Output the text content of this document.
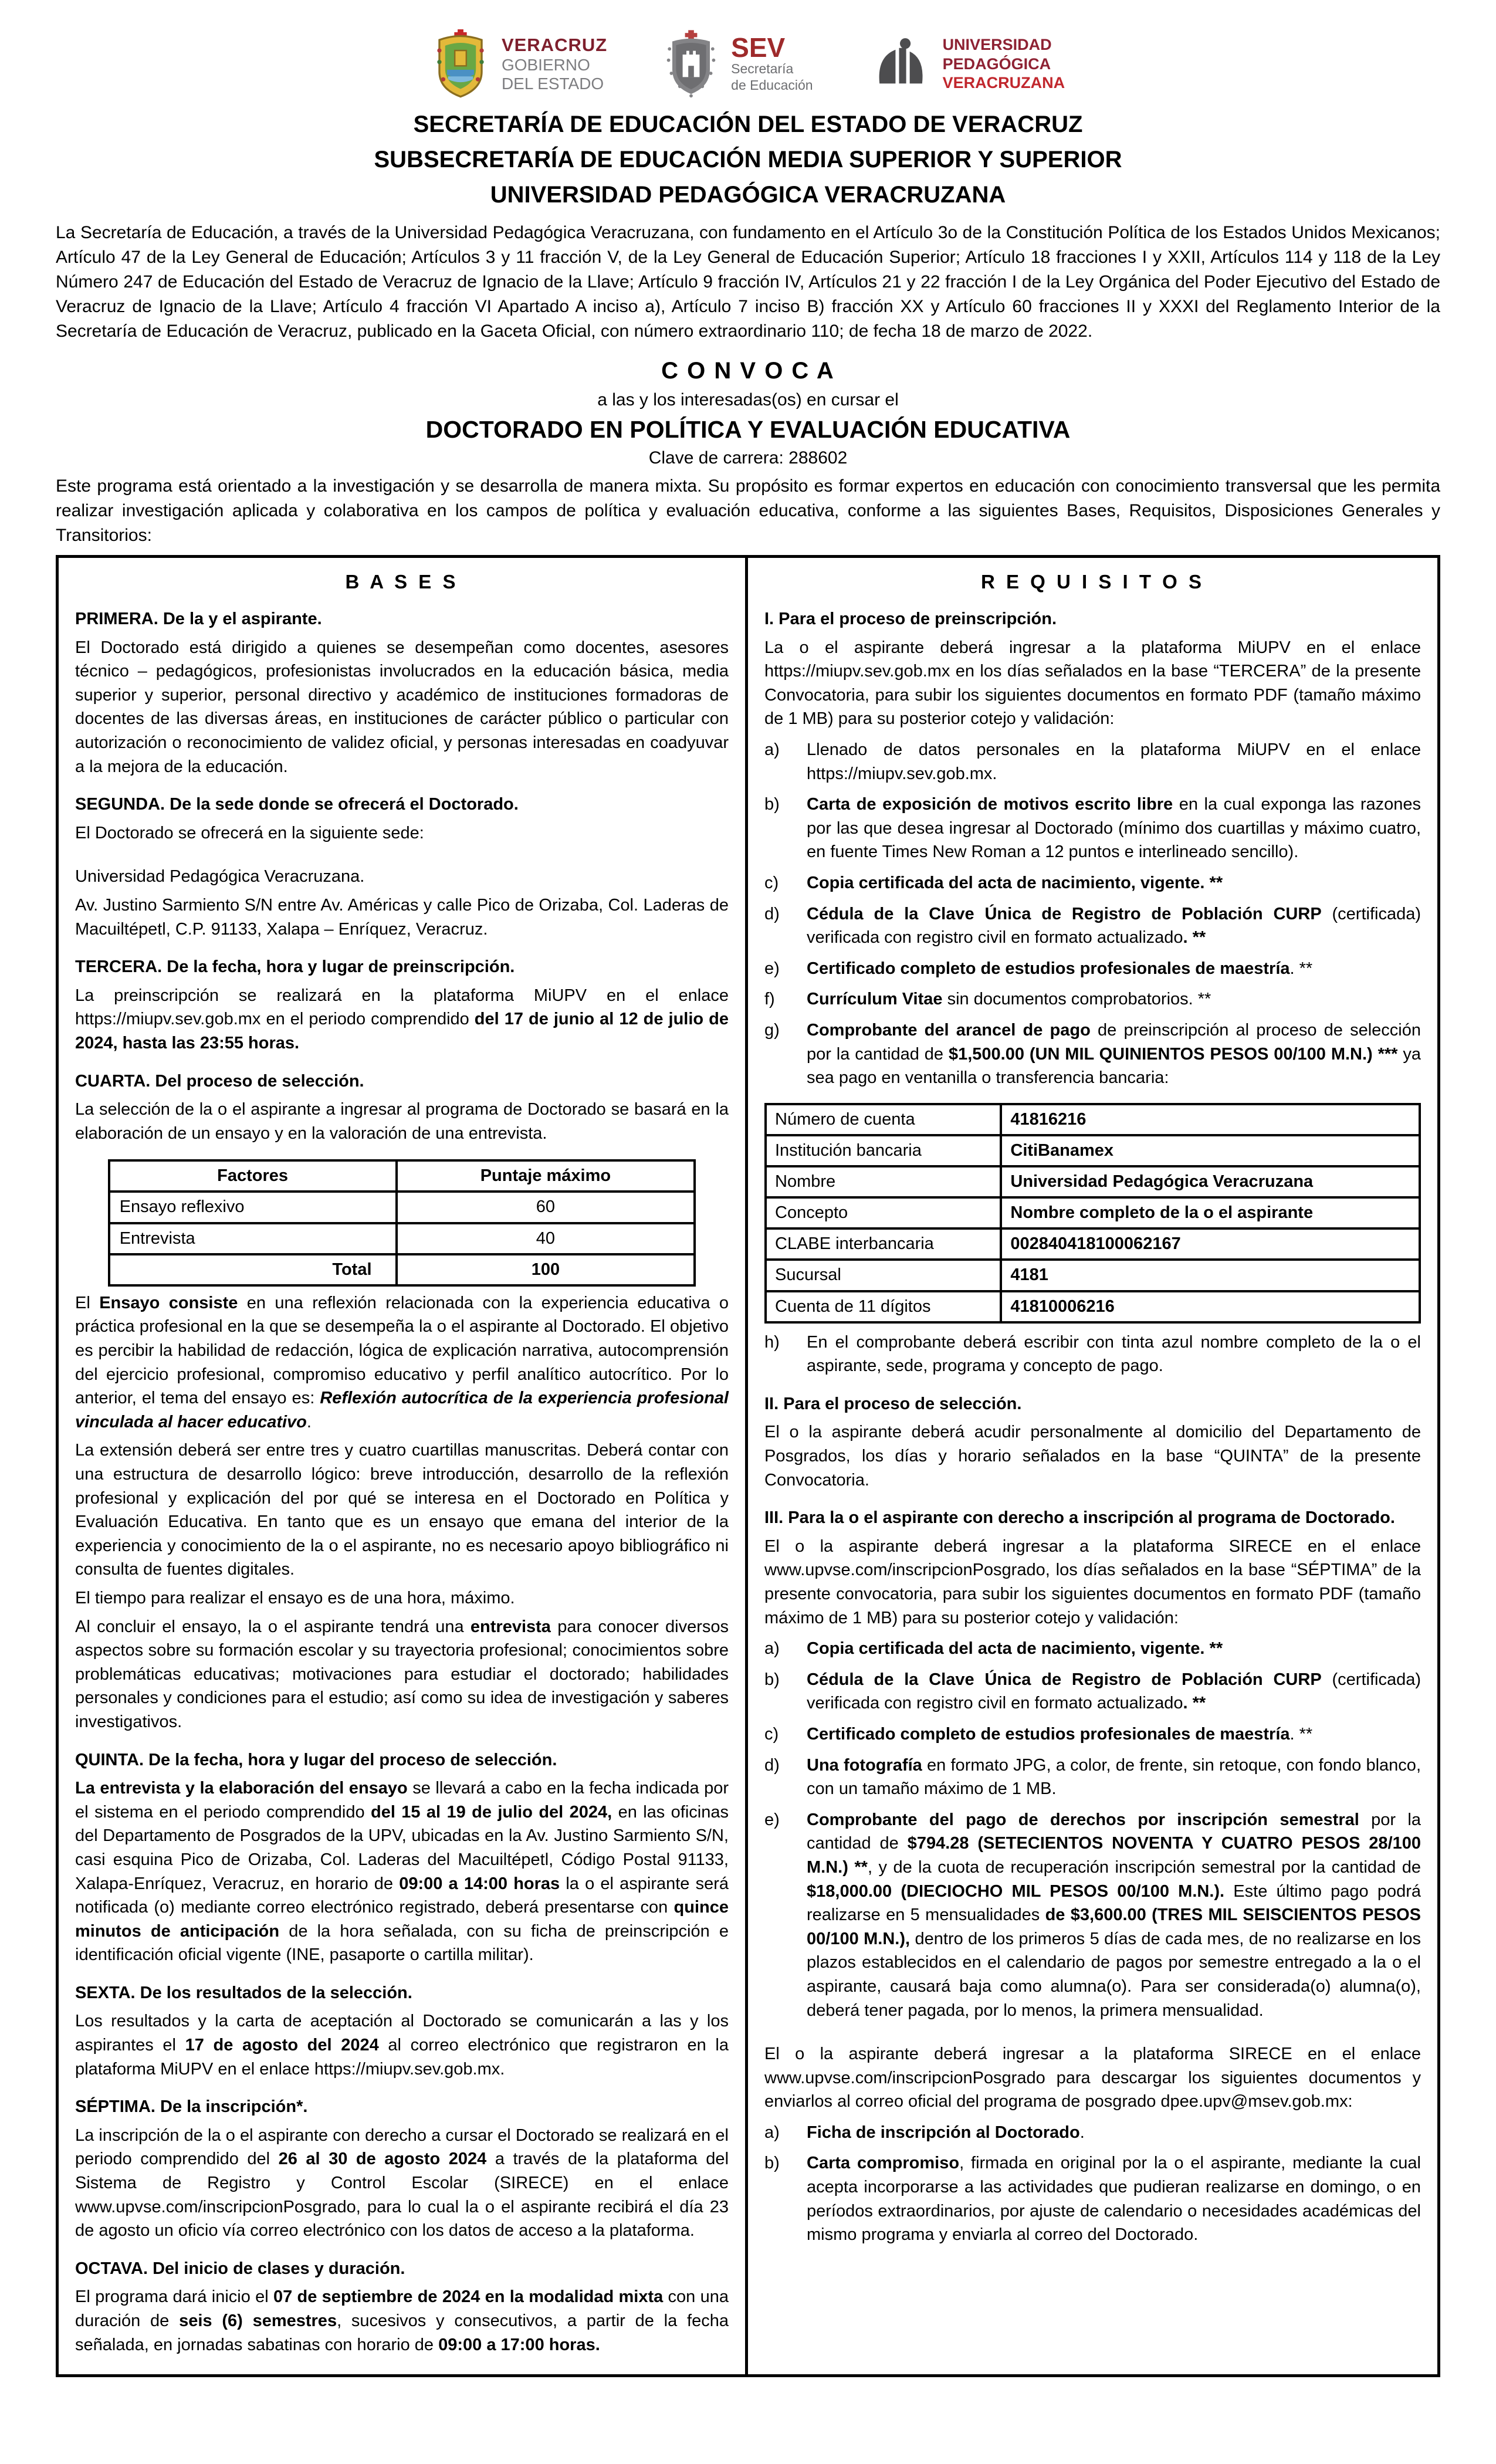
VERACRUZ
GOBIERNO
DEL ESTADO
SEV
Secretaría
de Educación
UNIVERSIDAD
PEDAGÓGICA
VERACRUZANA
SECRETARÍA DE EDUCACIÓN DEL ESTADO DE VERACRUZ
SUBSECRETARÍA DE EDUCACIÓN MEDIA SUPERIOR Y SUPERIOR
UNIVERSIDAD PEDAGÓGICA VERACRUZANA

La Secretaría de Educación, a través de la Universidad Pedagógica Veracruzana, con fundamento en el Artículo 3o de la Constitución Política de los Estados Unidos Mexicanos; Artículo 47 de la Ley General de Educación; Artículos 3 y 11 fracción V, de la Ley General de Educación Superior; Artículo 18 fracciones I y XXII, Artículos 114 y 118 de la Ley Número 247 de Educación del Estado de Veracruz de Ignacio de la Llave; Artículo 9 fracción IV, Artículos 21 y 22 fracción I de la Ley Orgánica del Poder Ejecutivo del Estado de Veracruz de Ignacio de la Llave; Artículo 4 fracción VI Apartado A inciso a), Artículo 7 inciso B) fracción XX y Artículo 60 fracciones II y XXXI del Reglamento Interior de la Secretaría de Educación de Veracruz, publicado en la Gaceta Oficial, con número extraordinario 110; de fecha 18 de marzo de 2022.

C O N V O C A
a las y los interesadas(os) en cursar el
DOCTORADO EN POLÍTICA Y EVALUACIÓN EDUCATIVA
Clave de carrera: 288602

Este programa está orientado a la investigación y se desarrolla de manera mixta. Su propósito es formar expertos en educación con conocimiento transversal que les permita realizar investigación aplicada y colaborativa en los campos de política y evaluación educativa, conforme a las siguientes Bases, Requisitos, Disposiciones Generales y Transitorios:

B A S E S
PRIMERA. De la y el aspirante.

El Doctorado está dirigido a quienes se desempeñan como docentes, asesores técnico – pedagógicos, profesionistas involucrados en la educación básica, media superior y superior, personal directivo y académico de instituciones formadoras de docentes de las diversas áreas, en instituciones de carácter público o particular con autorización o reconocimiento de validez oficial, y personas interesadas en coadyuvar a la mejora de la educación.

SEGUNDA. De la sede donde se ofrecerá el Doctorado.

El Doctorado se ofrecerá en la siguiente sede:

Universidad Pedagógica Veracruzana.

Av. Justino Sarmiento S/N entre Av. Américas y calle Pico de Orizaba, Col. Laderas de Macuiltépetl, C.P. 91133, Xalapa – Enríquez, Veracruz.

TERCERA. De la fecha, hora y lugar de preinscripción.

La preinscripción se realizará en la plataforma MiUPV en el enlace https://miupv.sev.gob.mx en el periodo comprendido del 17 de junio al 12 de julio de 2024, hasta las 23:55 horas.

CUARTA. Del proceso de selección.

La selección de la o el aspirante a ingresar al programa de Doctorado se basará en la elaboración de un ensayo y en la valoración de una entrevista.

Factores	Puntaje máximo
Ensayo reflexivo	60
Entrevista	40
Total	100

El Ensayo consiste en una reflexión relacionada con la experiencia educativa o práctica profesional en la que se desempeña la o el aspirante al Doctorado. El objetivo es percibir la habilidad de redacción, lógica de explicación narrativa, autocomprensión del ejercicio profesional, compromiso educativo y perfil analítico autocrítico. Por lo anterior, el tema del ensayo es: Reflexión autocrítica de la experiencia profesional vinculada al hacer educativo.

La extensión deberá ser entre tres y cuatro cuartillas manuscritas. Deberá contar con una estructura de desarrollo lógico: breve introducción, desarrollo de la reflexión profesional y explicación del por qué se interesa en el Doctorado en Política y Evaluación Educativa. En tanto que es un ensayo que emana del interior de la experiencia y conocimiento de la o el aspirante, no es necesario apoyo bibliográfico ni consulta de fuentes digitales.

El tiempo para realizar el ensayo es de una hora, máximo.

Al concluir el ensayo, la o el aspirante tendrá una entrevista para conocer diversos aspectos sobre su formación escolar y su trayectoria profesional; conocimientos sobre problemáticas educativas; motivaciones para estudiar el doctorado; habilidades personales y condiciones para el estudio; así como su idea de investigación y saberes investigativos.

QUINTA. De la fecha, hora y lugar del proceso de selección.

La entrevista y la elaboración del ensayo se llevará a cabo en la fecha indicada por el sistema en el periodo comprendido del 15 al 19 de julio del 2024, en las oficinas del Departamento de Posgrados de la UPV, ubicadas en la Av. Justino Sarmiento S/N, casi esquina Pico de Orizaba, Col. Laderas del Macuiltépetl, Código Postal 91133, Xalapa-Enríquez, Veracruz, en horario de 09:00 a 14:00 horas la o el aspirante será notificada (o) mediante correo electrónico registrado, deberá presentarse con quince minutos de anticipación de la hora señalada, con su ficha de preinscripción e identificación oficial vigente (INE, pasaporte o cartilla militar).

SEXTA. De los resultados de la selección.

Los resultados y la carta de aceptación al Doctorado se comunicarán a las y los aspirantes el 17 de agosto del 2024 al correo electrónico que registraron en la plataforma MiUPV en el enlace https://miupv.sev.gob.mx.

SÉPTIMA. De la inscripción*.

La inscripción de la o el aspirante con derecho a cursar el Doctorado se realizará en el periodo comprendido del 26 al 30 de agosto 2024 a través de la plataforma del Sistema de Registro y Control Escolar (SIRECE) en el enlace www.upvse.com/inscripcionPosgrado, para lo cual la o el aspirante recibirá el día 23 de agosto un oficio vía correo electrónico con los datos de acceso a la plataforma.

OCTAVA. Del inicio de clases y duración.

El programa dará inicio el 07 de septiembre de 2024 en la modalidad mixta con una duración de seis (6) semestres, sucesivos y consecutivos, a partir de la fecha señalada, en jornadas sabatinas con horario de 09:00 a 17:00 horas.

R E Q U I S I T O S
I. Para el proceso de preinscripción.

La o el aspirante deberá ingresar a la plataforma MiUPV en el enlace https://miupv.sev.gob.mx en los días señalados en la base “TERCERA” de la presente Convocatoria, para subir los siguientes documentos en formato PDF (tamaño máximo de 1 MB) para su posterior cotejo y validación:

a)	Llenado de datos personales en la plataforma MiUPV en el enlace https://miupv.sev.gob.mx.
b)	Carta de exposición de motivos escrito libre en la cual exponga las razones por las que desea ingresar al Doctorado (mínimo dos cuartillas y máximo cuatro, en fuente Times New Roman a 12 puntos e interlineado sencillo).
c)	Copia certificada del acta de nacimiento, vigente. **
d)	Cédula de la Clave Única de Registro de Población CURP (certificada) verificada con registro civil en formato actualizado. **
e)	Certificado completo de estudios profesionales de maestría. **
f)	Currículum Vitae sin documentos comprobatorios. **
g)	Comprobante del arancel de pago de preinscripción al proceso de selección por la cantidad de $1,500.00 (UN MIL QUINIENTOS PESOS 00/100 M.N.) *** ya sea pago en ventanilla o transferencia bancaria:
Número de cuenta	41816216
Institución bancaria	CitiBanamex
Nombre	Universidad Pedagógica Veracruzana
Concepto	Nombre completo de la o el aspirante
CLABE interbancaria	002840418100062167
Sucursal	4181
Cuenta de 11 dígitos	41810006216
h)	En el comprobante deberá escribir con tinta azul nombre completo de la o el aspirante, sede, programa y concepto de pago.
II. Para el proceso de selección.

El o la aspirante deberá acudir personalmente al domicilio del Departamento de Posgrados, los días y horario señalados en la base “QUINTA” de la presente Convocatoria.

III. Para la o el aspirante con derecho a inscripción al programa de Doctorado.

El o la aspirante deberá ingresar a la plataforma SIRECE en el enlace www.upvse.com/inscripcionPosgrado, los días señalados en la base “SÉPTIMA” de la presente convocatoria, para subir los siguientes documentos en formato PDF (tamaño máximo de 1 MB) para su posterior cotejo y validación:

a)	Copia certificada del acta de nacimiento, vigente. **
b)	Cédula de la Clave Única de Registro de Población CURP (certificada) verificada con registro civil en formato actualizado. **
c)	Certificado completo de estudios profesionales de maestría. **
d)	Una fotografía en formato JPG, a color, de frente, sin retoque, con fondo blanco, con un tamaño máximo de 1 MB.
e)	Comprobante del pago de derechos por inscripción semestral por la cantidad de $794.28 (SETECIENTOS NOVENTA Y CUATRO PESOS 28/100 M.N.) **, y de la cuota de recuperación inscripción semestral por la cantidad de $18,000.00 (DIECIOCHO MIL PESOS 00/100 M.N.). Este último pago podrá realizarse en 5 mensualidades de $3,600.00 (TRES MIL SEISCIENTOS PESOS 00/100 M.N.), dentro de los primeros 5 días de cada mes, de no realizarse en los plazos establecidos en el calendario de pagos por semestre entregado a la o el aspirante, causará baja como alumna(o). Para ser considerada(o) alumna(o), deberá tener pagada, por lo menos, la primera mensualidad.

El o la aspirante deberá ingresar a la plataforma SIRECE en el enlace www.upvse.com/inscripcionPosgrado para descargar los siguientes documentos y enviarlos al correo oficial del programa de posgrado dpee.upv@msev.gob.mx:

a)	Ficha de inscripción al Doctorado.
b)	Carta compromiso, firmada en original por la o el aspirante, mediante la cual acepta incorporarse a las actividades que pudieran realizarse en domingo, o en períodos extraordinarios, por ajuste de calendario o necesidades académicas del mismo programa y enviarla al correo del Doctorado.
